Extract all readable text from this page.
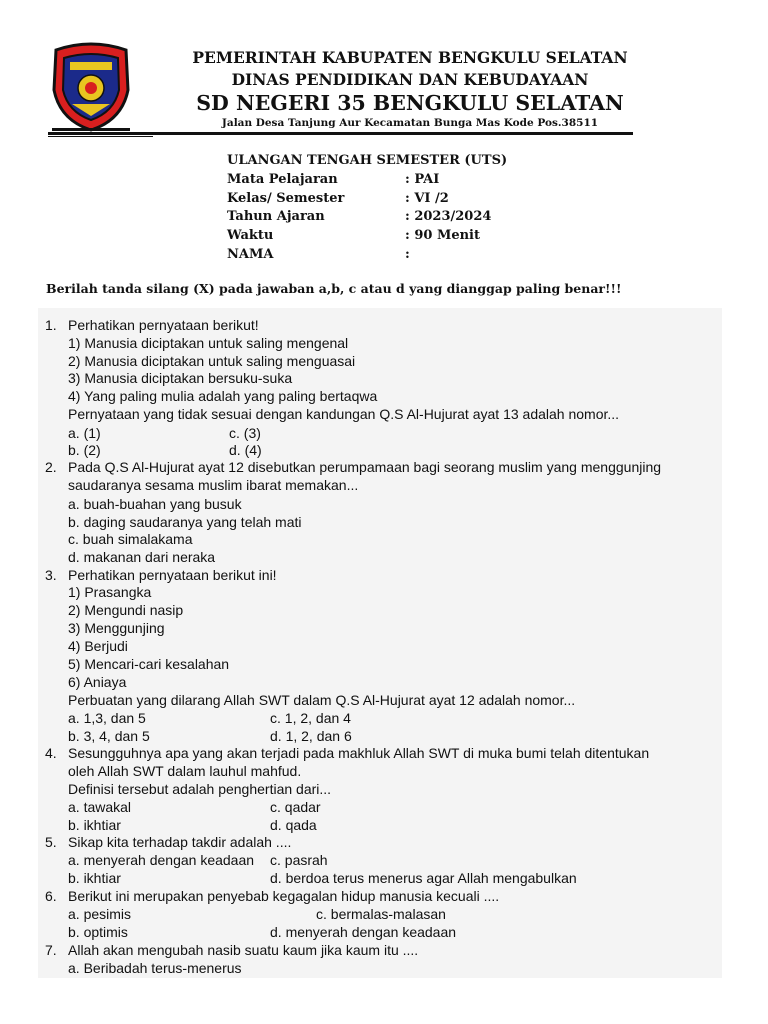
PEMERINTAH KABUPATEN BENGKULU SELATAN
DINAS PENDIDIKAN DAN KEBUDAYAAN
SD NEGERI 35 BENGKULU SELATAN
Jalan Desa Tanjung Aur Kecamatan Bunga Mas Kode Pos.38511
ULANGAN TENGAH SEMESTER (UTS)
Mata Pelajaran	: PAI
Kelas/ Semester	: VI /2
Tahun Ajaran	: 2023/2024
Waktu	: 90 Menit
NAMA	:
Berilah tanda silang (X) pada jawaban a,b, c atau d yang dianggap paling benar!!!
1. Perhatikan pernyataan berikut!
1) Manusia diciptakan untuk saling mengenal
2) Manusia diciptakan untuk saling menguasai
3) Manusia diciptakan bersuku-suka
4) Yang paling mulia adalah yang paling bertaqwa
Pernyataan yang tidak sesuai dengan kandungan Q.S Al-Hujurat ayat 13 adalah nomor...
a. (1)	c. (3)
b. (2)	d. (4)
2. Pada Q.S Al-Hujurat ayat 12 disebutkan perumpamaan bagi seorang muslim yang menggunjing
saudaranya sesama muslim ibarat memakan...
a. buah-buahan yang busuk
b. daging saudaranya yang telah mati
c. buah simalakama
d. makanan dari neraka
3. Perhatikan pernyataan berikut ini!
1) Prasangka
2) Mengundi nasip
3) Menggunjing
4) Berjudi
5) Mencari-cari kesalahan
6) Aniaya
Perbuatan yang dilarang Allah SWT dalam Q.S Al-Hujurat ayat 12 adalah nomor...
a. 1,3, dan 5	c. 1, 2, dan 4
b. 3, 4, dan 5	d. 1, 2, dan 6
4. Sesungguhnya apa yang akan terjadi pada makhluk Allah SWT di muka bumi telah ditentukan
oleh Allah SWT dalam lauhul mahfud.
Definisi tersebut adalah penghertian dari...
a. tawakal	c. qadar
b. ikhtiar	d. qada
5. Sikap kita terhadap takdir adalah ....
a. menyerah dengan keadaan c. pasrah
b. ikhtiar	d. berdoa terus menerus agar Allah mengabulkan
6. Berikut ini merupakan penyebab kegagalan hidup manusia kecuali ....
a. pesimis	c. bermalas-malasan
b. optimis	d. menyerah dengan keadaan
7. Allah akan mengubah nasib suatu kaum jika kaum itu ....
a. Beribadah terus-menerus
